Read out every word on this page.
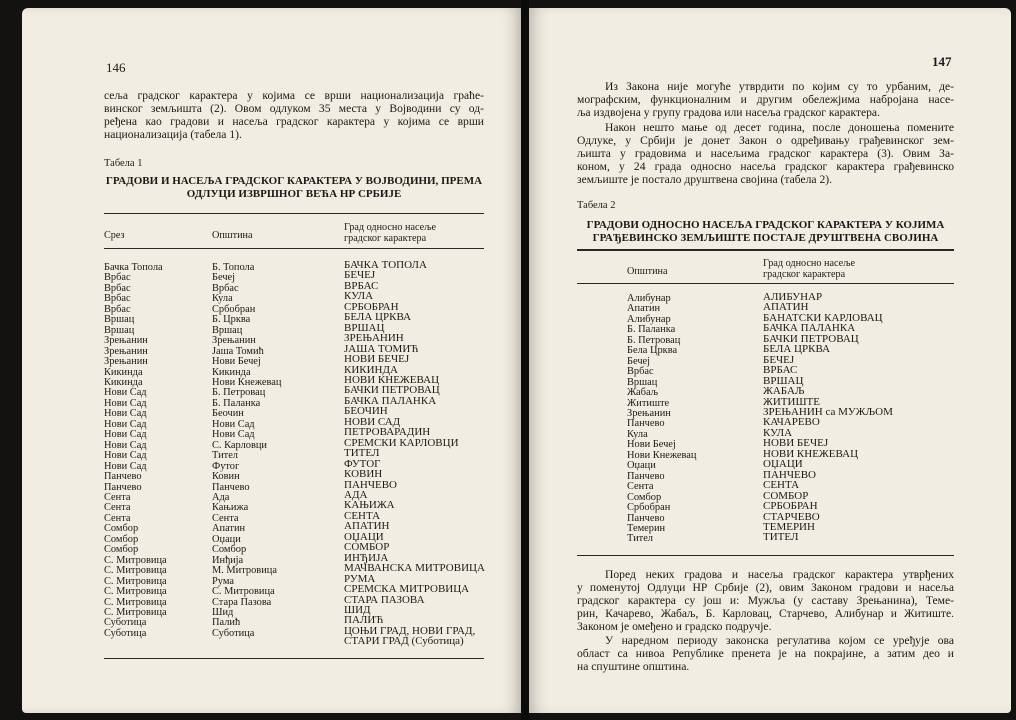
146
сеља градског карактера у којима се врши национализација граће-
винског земљишта (2). Овом одлуком 35 места у Војводини су од-
ређена као градови и насеља градског карактера у којима се врши
национализација (табела 1).
Табела 1
ГРАДОВИ И НАСЕЉА ГРАДСКОГ КАРАКТЕРА У ВОЈВОДИНИ, ПРЕМА
ОДЛУЦИ ИЗВРШНОГ ВЕЋА НР СРБИЈЕ
Срез	Општина
Град односно насеље
градског карактера
Бачка Топола
Врбас
Врбас
Врбас
Врбас
Вршац
Вршац
Зрењанин
Зрењанин
Зрењанин
Кикинда
Кикинда
Нови Сад
Нови Сад
Нови Сад
Нови Сад
Нови Сад
Нови Сад
Нови Сад
Нови Сад
Панчево
Панчево
Сента
Сента
Сента
Сомбор
Сомбор
Сомбор
С. Митровица
С. Митровица
С. Митровица
С. Митровица
С. Митровица
С. Митровица
Суботица
Суботица
Б. Топола
Бечеј
Врбас
Кула
Србобран
Б. Црква
Вршац
Зрењанин
Јаша Томић
Нови Бечеј
Кикинда
Нови Кнежевац
Б. Петровац
Б. Паланка
Беочин
Нови Сад
Нови Сад
С. Карловци
Тител
Футог
Ковин
Панчево
Ада
Кањижа
Сента
Апатин
Оџаци
Сомбор
Инђија
М. Митровица
Рума
С. Митровица
Стара Пазова
Шид
Палић
Суботица
БАЧКА ТОПОЛА
БЕЧЕЈ
ВРБАС
КУЛА
СРБОБРАН
БЕЛА ЦРКВА
ВРШАЦ
ЗРЕЊАНИН
ЈАША ТОМИЋ
НОВИ БЕЧЕЈ
КИКИНДА
НОВИ КНЕЖЕВАЦ
БАЧКИ ПЕТРОВАЦ
БАЧКА ПАЛАНКА
БЕОЧИН
НОВИ САД
ПЕТРОВАРАДИН
СРЕМСКИ КАРЛОВЦИ
ТИТЕЛ
ФУТОГ
КОВИН
ПАНЧЕВО
АДА
КАЊИЖА
СЕНТА
АПАТИН
ОЏАЦИ
СОМБОР
ИНЂИЈА
МАЧВАНСКА МИТРОВИЦА
РУМА
СРЕМСКА МИТРОВИЦА
СТАРА ПАЗОВА
ШИД
ПАЛИЋ
ЦОЊИ ГРАД, НОВИ ГРАД,
СТАРИ ГРАД (Суботица)
147
Из Закона није могуће утврдити по којим су то урбаним, де-
мографским, функционалним и другим обележјима набројана насе-
ља издвојена у групу градова или насеља градског карактера.
Након нешто мање од десет година, после доношења помените
Одлуке, у Србији је донет Закон о одређивању грађевинског зем-
љишта у градовима и насељима градског карактера (3). Овим За-
коном, у 24 града односно насеља градског карактера грађевинско
земљиште је постало друштвена својина (табела 2).
Табела 2
ГРАДОВИ ОДНОСНО НАСЕЉА ГРАДСКОГ КАРАКТЕРА У КОЈИМА
ГРАЂЕВИНСКО ЗЕМЉИШТЕ ПОСТАЈЕ ДРУШТВЕНА СВОЈИНА
Општина
Град односно насеље
градског карактера
Алибунар
Апатин
Алибунар
Б. Паланка
Б. Петровац
Бела Црква
Бечеј
Врбас
Вршац
Жабаљ
Житиште
Зрењанин
Панчево
Кула
Нови Бечеј
Нови Кнежевац
Оџаци
Панчево
Сента
Сомбор
Србобран
Панчево
Темерин
Тител
АЛИБУНАР
АПАТИН
БАНАТСКИ КАРЛОВАЦ
БАЧКА ПАЛАНКА
БАЧКИ ПЕТРОВАЦ
БЕЛА ЦРКВА
БЕЧЕЈ
ВРБАС
ВРШАЦ
ЖАБАЉ
ЖИТИШТЕ
ЗРЕЊАНИН са МУЖЉОМ
КАЧАРЕВО
КУЛА
НОВИ БЕЧЕЈ
НОВИ КНЕЖЕВАЦ
ОЏАЦИ
ПАНЧЕВО
СЕНТА
СОМБОР
СРБОБРАН
СТАРЧЕВО
ТЕМЕРИН
ТИТЕЛ
Поред неких градова и насеља градског карактера утврђених
у поменутој Одлуци НР Србије (2), овим Законом градови и насеља
градског карактера су још и: Мужља (у саставу Зрењанина), Теме-
рин, Качарево, Жабаљ, Б. Карловац, Старчево, Алибунар и Житиште.
Законом је омеђено и градско подручје.
У наредном периоду законска регулатива којом се уређује ова
област са нивоа Републике пренета је на покрајине, а затим део и
на спуштине општина.
